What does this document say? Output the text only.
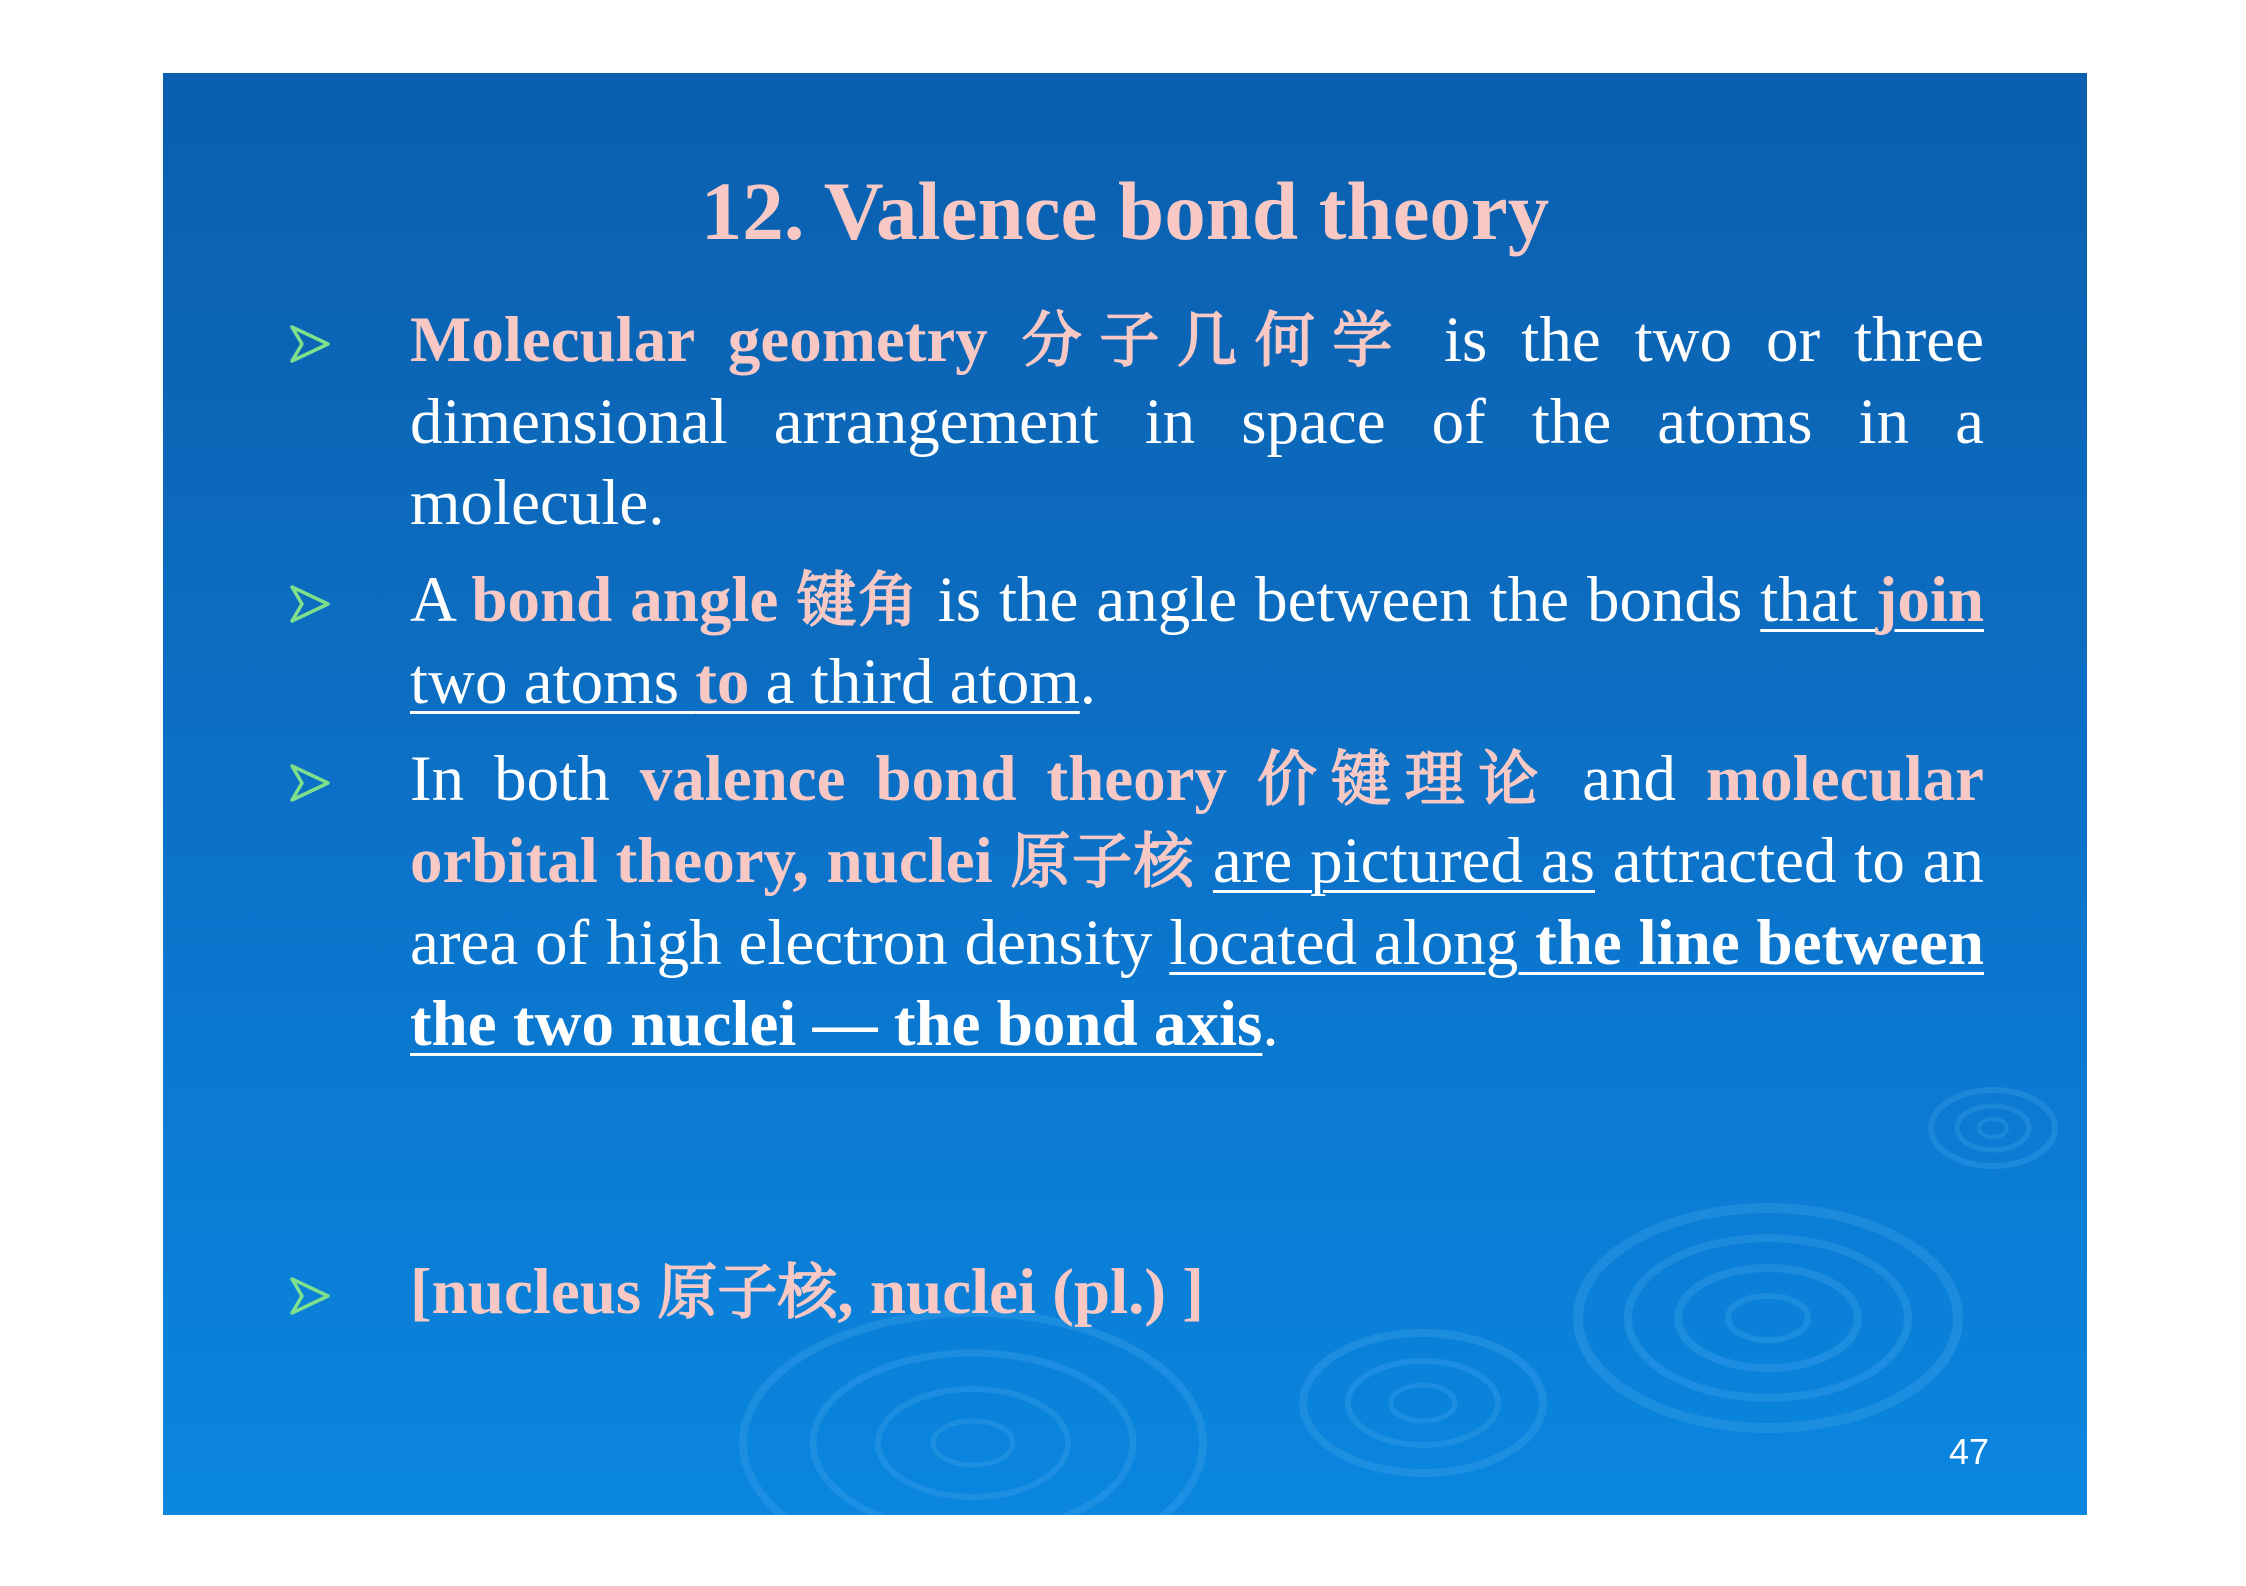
12. Valence bond theory
Molecular geometry 分子几何学 is the two or three dimensional arrangement in space of the atoms in a molecule.
A bond angle 键角 is the angle between the bonds that join two atoms to a third atom.
In both valence bond theory 价键理论 and molecular orbital theory, nuclei 原子核 are pictured as attracted to an area of high electron density located along the line between the two nuclei — the bond axis.
[nucleus 原子核, nuclei (pl.) ]
47
